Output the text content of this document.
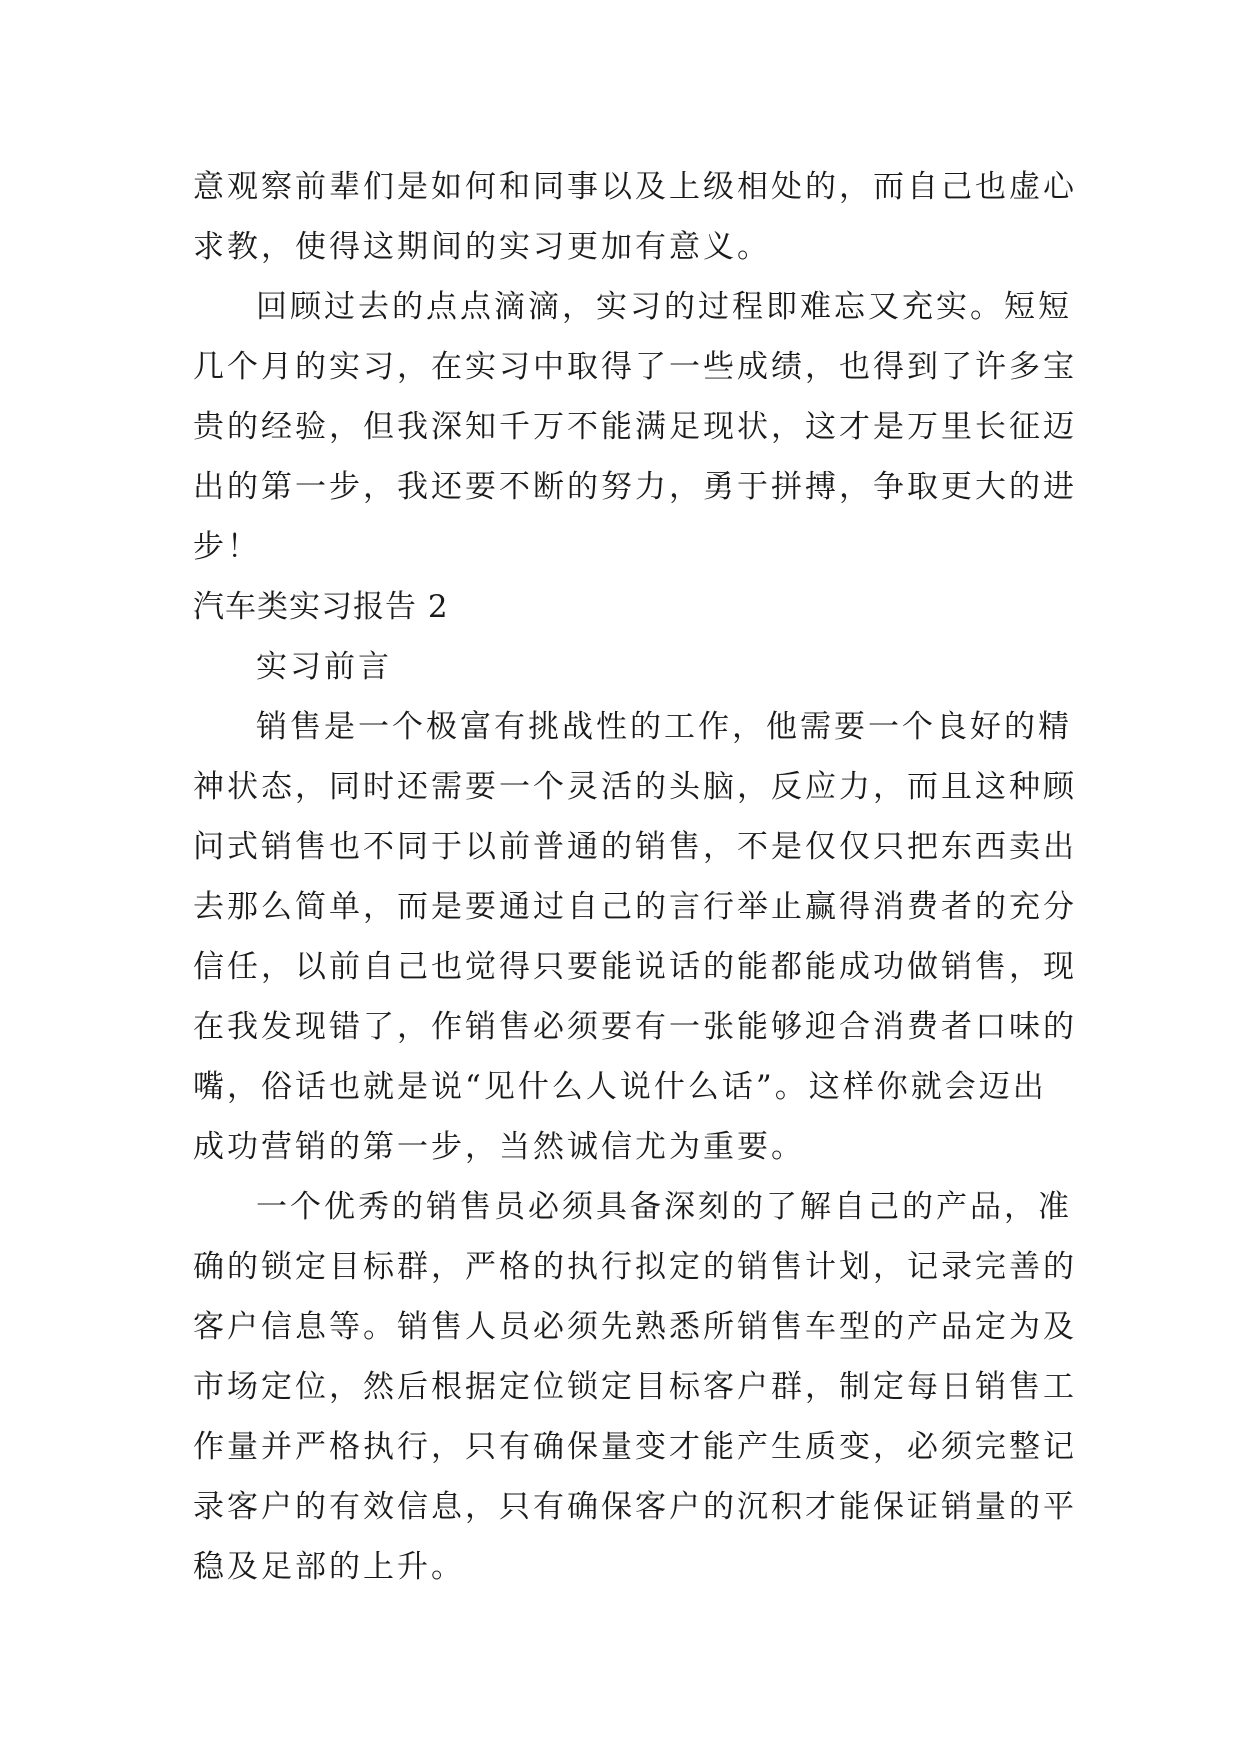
意观察前辈们是如何和同事以及上级相处的，而自己也虚心
求教，使得这期间的实习更加有意义。
回顾过去的点点滴滴，实习的过程即难忘又充实。短短
几个月的实习，在实习中取得了一些成绩，也得到了许多宝
贵的经验，但我深知千万不能满足现状，这才是万里长征迈
出的第一步，我还要不断的努力，勇于拼搏，争取更大的进
步！
汽车类实习报告 2
实习前言
销售是一个极富有挑战性的工作，他需要一个良好的精
神状态，同时还需要一个灵活的头脑，反应力，而且这种顾
问式销售也不同于以前普通的销售，不是仅仅只把东西卖出
去那么简单，而是要通过自己的言行举止赢得消费者的充分
信任，以前自己也觉得只要能说话的能都能成功做销售，现
在我发现错了，作销售必须要有一张能够迎合消费者口味的
嘴，俗话也就是说“见什么人说什么话”。这样你就会迈出
成功营销的第一步，当然诚信尤为重要。
一个优秀的销售员必须具备深刻的了解自己的产品，准
确的锁定目标群，严格的执行拟定的销售计划，记录完善的
客户信息等。销售人员必须先熟悉所销售车型的产品定为及
市场定位，然后根据定位锁定目标客户群，制定每日销售工
作量并严格执行，只有确保量变才能产生质变，必须完整记
录客户的有效信息，只有确保客户的沉积才能保证销量的平
稳及足部的上升。
